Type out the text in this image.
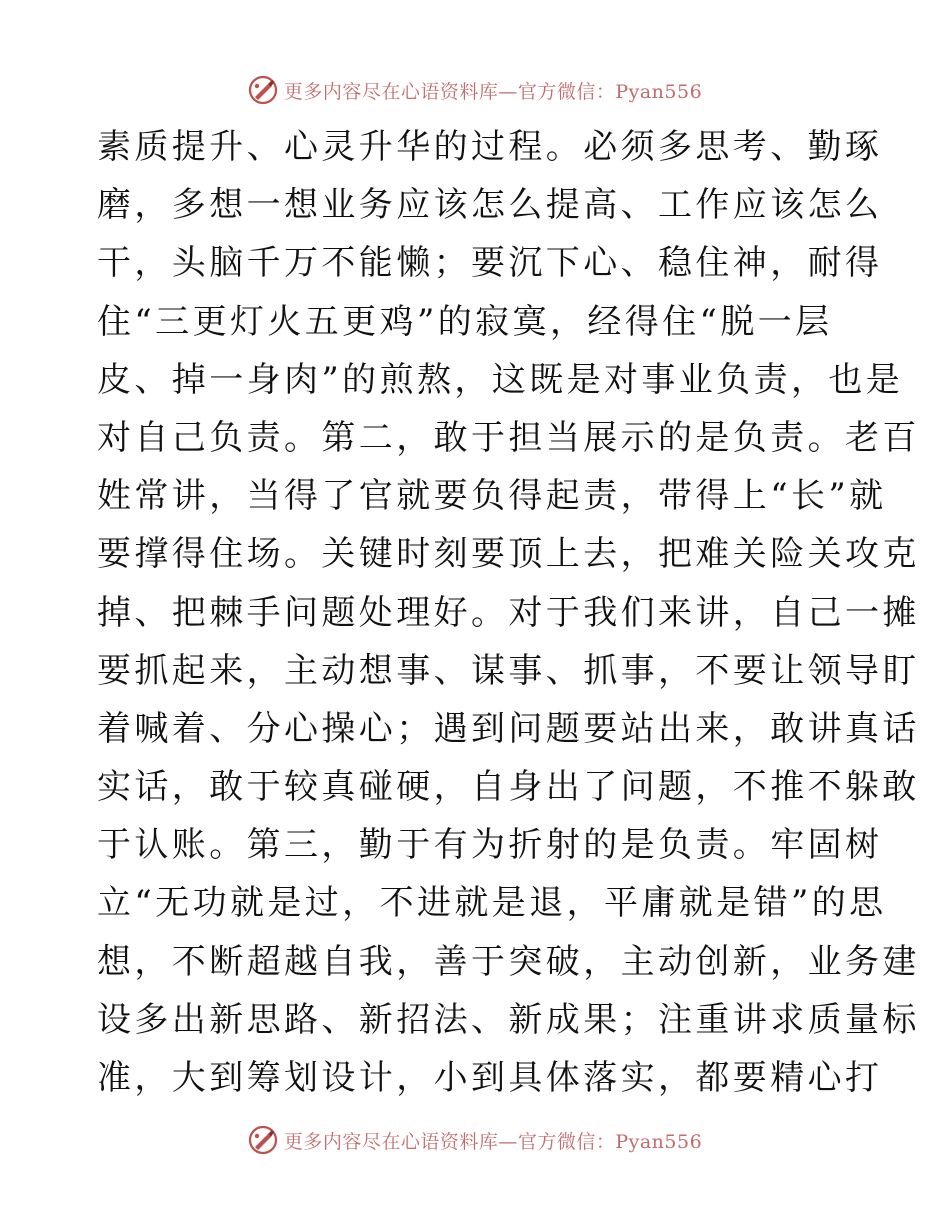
更多内容尽在心语资料库—官方微信：Pyan556
素质提升、心灵升华的过程。必须多思考、勤琢
磨，多想一想业务应该怎么提高、工作应该怎么
干，头脑千万不能懒；要沉下心、稳住神，耐得
住“三更灯火五更鸡”的寂寞，经得住“脱一层
皮、掉一身肉”的煎熬，这既是对事业负责，也是
对自己负责。第二，敢于担当展示的是负责。老百
姓常讲，当得了官就要负得起责，带得上“长”就
要撑得住场。关键时刻要顶上去，把难关险关攻克
掉、把棘手问题处理好。对于我们来讲，自己一摊
要抓起来，主动想事、谋事、抓事，不要让领导盯
着喊着、分心操心；遇到问题要站出来，敢讲真话
实话，敢于较真碰硬，自身出了问题，不推不躲敢
于认账。第三，勤于有为折射的是负责。牢固树
立“无功就是过，不进就是退，平庸就是错”的思
想，不断超越自我，善于突破，主动创新，业务建
设多出新思路、新招法、新成果；注重讲求质量标
准，大到筹划设计，小到具体落实，都要精心打
更多内容尽在心语资料库—官方微信：Pyan556
